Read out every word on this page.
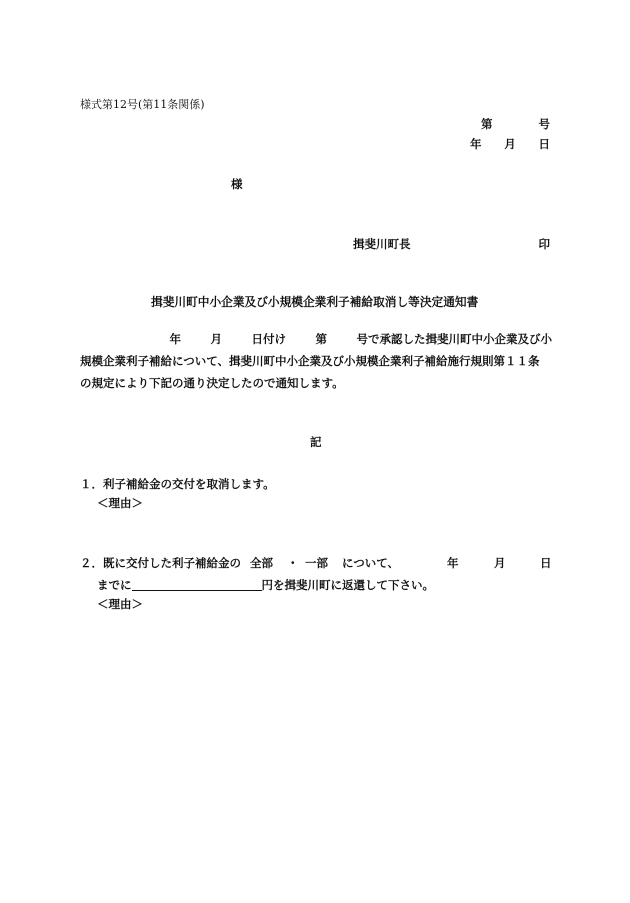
様式第12号(第11条関係)
第	号
年 月 日
様
揖斐川町長	印
揖斐川町中小企業及び小規模企業利子補給取消し等決定通知書
年	月	日付け	第	号で承認した揖斐川町中小企業及び小
規模企業利子補給について、揖斐川町中小企業及び小規模企業利子補給施行規則第１１条
の規定により下記の通り決定したので通知します。
記
１．利子補給金の交付を取消します。
＜理由＞
２．既に交付した利子補給金の 全部 ・ 一部 について、	年	月	日
までに	円を揖斐川町に返還して下さい。
＜理由＞
